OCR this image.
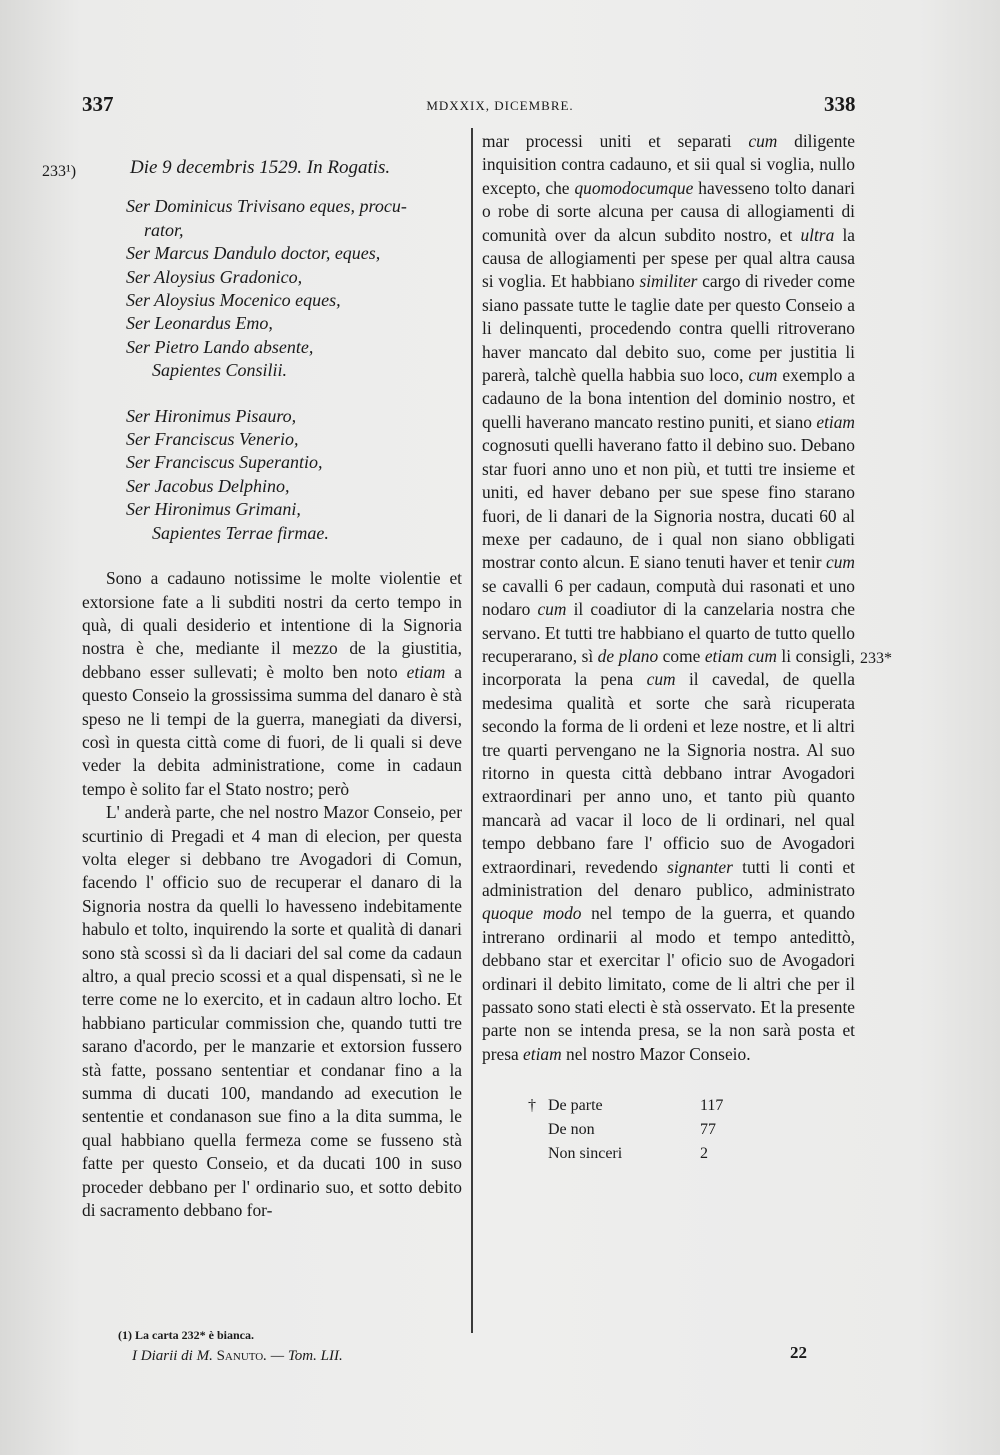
337	MDXXIX, DICEMBRE.	338
233¹)
233*
Die 9 decembris 1529. In Rogatis.
Ser Dominicus Trivisano eques, procu-
rator,
Ser Marcus Dandulo doctor, eques,
Ser Aloysius Gradonico,
Ser Aloysius Mocenico eques,
Ser Leonardus Emo,
Ser Pietro Lando absente,
Sapientes Consilii.
Ser Hironimus Pisauro,
Ser Franciscus Venerio,
Ser Franciscus Superantio,
Ser Jacobus Delphino,
Ser Hironimus Grimani,
Sapientes Terrae firmae.

Sono a cadauno notissime le molte violentie et extorsione fate a li subditi nostri da certo tempo in quà, di quali desiderio et intentione di la Signoria nostra è che, mediante il mezzo de la giustitia, debbano esser sullevati; è molto ben noto etiam a questo Conseio la grossissima summa del danaro è stà speso ne li tempi de la guerra, manegiati da diversi, così in questa città come di fuori, de li quali si deve veder la debita administratione, come in cadaun tempo è solito far el Stato nostro; però

L' anderà parte, che nel nostro Mazor Conseio, per scurtinio di Pregadi et 4 man di elecion, per questa volta eleger si debbano tre Avogadori di Comun, facendo l' officio suo de recuperar el danaro di la Signoria nostra da quelli lo havesseno indebitamente habulo et tolto, inquirendo la sorte et qualità di danari sono stà scossi sì da li daciari del sal come da cadaun altro, a qual precio scossi et a qual dispensati, sì ne le terre come ne lo exercito, et in cadaun altro locho. Et habbiano particular commission che, quando tutti tre sarano d'acordo, per le manzarie et extorsion fussero stà fatte, possano sententiar et condanar fino a la summa di ducati 100, mandando ad execution le sententie et condanason sue fino a la dita summa, le qual habbiano quella fermeza come se fusseno stà fatte per questo Conseio, et da ducati 100 in suso proceder debbano per l' ordinario suo, et sotto debito di sacramento debbano for-

mar processi uniti et separati cum diligente inquisition contra cadauno, et sii qual si voglia, nullo excepto, che quomodocumque havesseno tolto danari o robe di sorte alcuna per causa di allogiamenti di comunità over da alcun subdito nostro, et ultra la causa de allogiamenti per spese per qual altra causa si voglia. Et habbiano similiter cargo di riveder come siano passate tutte le taglie date per questo Conseio a li delinquenti, procedendo contra quelli ritroverano haver mancato dal debito suo, come per justitia li parerà, talchè quella habbia suo loco, cum exemplo a cadauno de la bona intention del dominio nostro, et quelli haverano mancato restino puniti, et siano etiam cognosuti quelli haverano fatto il debino suo. Debano star fuori anno uno et non più, et tutti tre insieme et uniti, ed haver debano per sue spese fino starano fuori, de li danari de la Signoria nostra, ducati 60 al mexe per cadauno, de i qual non siano obbligati mostrar conto alcun. E siano tenuti haver et tenir cum se cavalli 6 per cadaun, computà dui rasonati et uno nodaro cum il coadiutor di la canzelaria nostra che servano. Et tutti tre habbiano el quarto de tutto quello recuperarano, sì de plano come etiam cum li consigli, incorporata la pena cum il cavedal, de quella medesima qualità et sorte che sarà ricuperata secondo la forma de li ordeni et leze nostre, et li altri tre quarti pervengano ne la Signoria nostra. Al suo ritorno in questa città debbano intrar Avogadori extraordinari per anno uno, et tanto più quanto mancarà ad vacar il loco de li ordinari, nel qual tempo debbano fare l' officio suo de Avogadori extraordinari, revedendo signanter tutti li conti et administration del denaro publico, administrato quoque modo nel tempo de la guerra, et quando intrerano ordinarii al modo et tempo antedittò, debbano star et exercitar l' oficio suo de Avogadori ordinari il debito limitato, come de li altri che per il passato sono stati electi è stà osservato. Et la presente parte non se intenda presa, se la non sarà posta et presa etiam nel nostro Mazor Conseio.

† De parte	117
De non	77
Non sinceri	2
(1) La carta 232* è bianca.
I Diarii di M. Sanuto. — Tom. LII.	22
